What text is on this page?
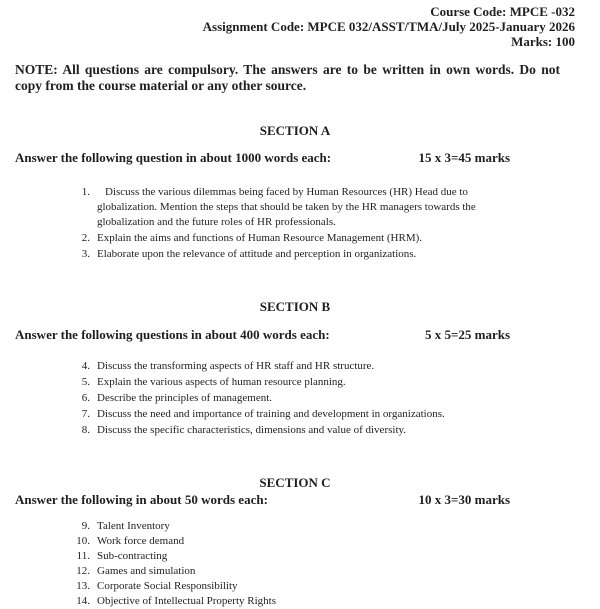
Course Code: MPCE -032
Assignment Code: MPCE 032/ASST/TMA/July 2025-January 2026
Marks: 100
NOTE: All questions are compulsory. The answers are to be written in own words. Do not
copy from the course material or any other source.
SECTION A
Answer the following question in about 1000 words each:	15 x 3=45 marks
1.	Discuss the various dilemmas being faced by Human Resources (HR) Head due to globalization. Mention the steps that should be taken by the HR managers towards the globalization and the future roles of HR professionals.
2. Explain the aims and functions of Human Resource Management (HRM).
3. Elaborate upon the relevance of attitude and perception in organizations.
SECTION B
Answer the following questions in about 400 words each:	5 x 5=25 marks
4. Discuss the transforming aspects of HR staff and HR structure.
5. Explain the various aspects of human resource planning.
6. Describe the principles of management.
7. Discuss the need and importance of training and development in organizations.
8. Discuss the specific characteristics, dimensions and value of diversity.
SECTION C
Answer the following in about 50 words each:	10 x 3=30 marks
9. Talent Inventory
10. Work force demand
11. Sub-contracting
12. Games and simulation
13. Corporate Social Responsibility
14. Objective of Intellectual Property Rights
